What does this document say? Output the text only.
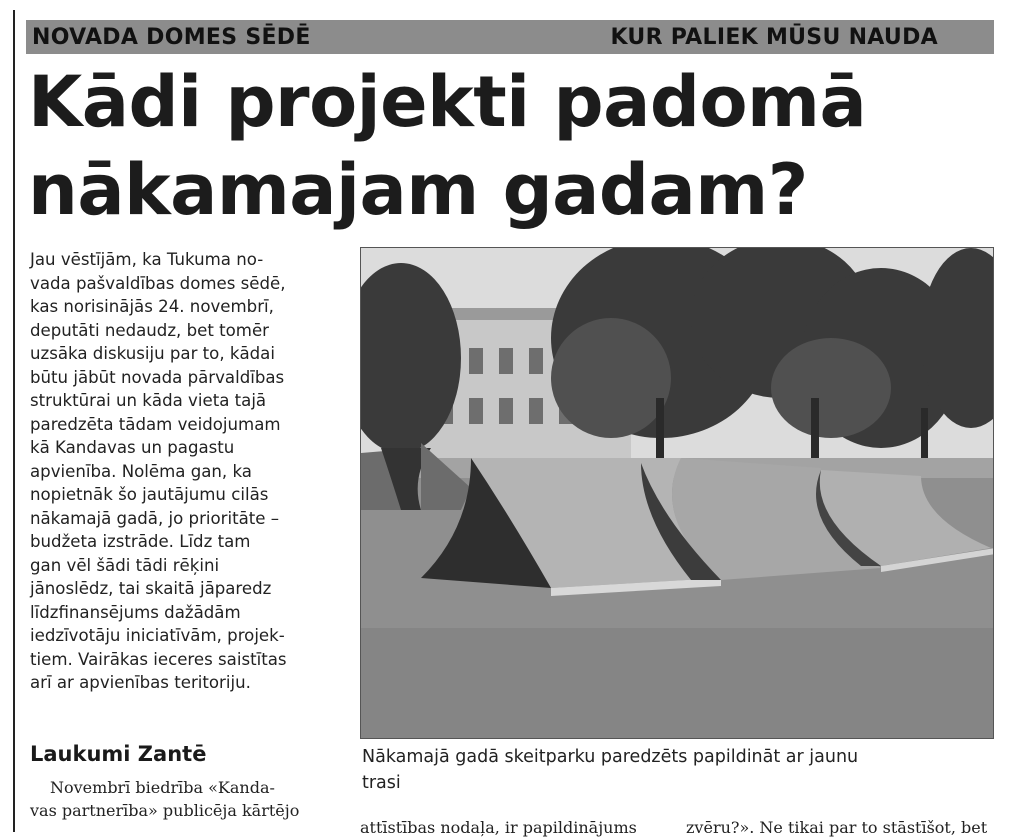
NOVADA DOMES SĒDĒ	KUR PALIEK MŪSU NAUDA
Kādi projekti padomā
nākamajam gadam?
Jau vēstījām, ka Tukuma no-
vada pašvaldības domes sēdē,
kas norisinājās 24. novembrī,
deputāti nedaudz, bet tomēr
uzsāka diskusiju par to, kādai
būtu jābūt novada pārvaldības
struktūrai un kāda vieta tajā
paredzēta tādam veidojumam
kā Kandavas un pagastu
apvienība. Nolēma gan, ka
nopietnāk šo jautājumu cilās
nākamajā gadā, jo prioritāte –
budžeta izstrāde. Līdz tam
gan vēl šādi tādi rēķini
jānoslēdz, tai skaitā jāparedz
līdzfinansējums dažādām
iedzīvotāju iniciatīvām, projek-
tiem. Vairākas ieceres saistītas
arī ar apvienības teritoriju.
Laukumi Zantē
Novembrī biedrība «Kanda-
vas partnerība» publicēja kārtējo
Nākamajā gadā skeitparku paredzēts papildināt ar jaunu
trasi
attīstības nodaļa, ir papildinājums	zvēru?». Ne tikai par to stāstīšot, bet
